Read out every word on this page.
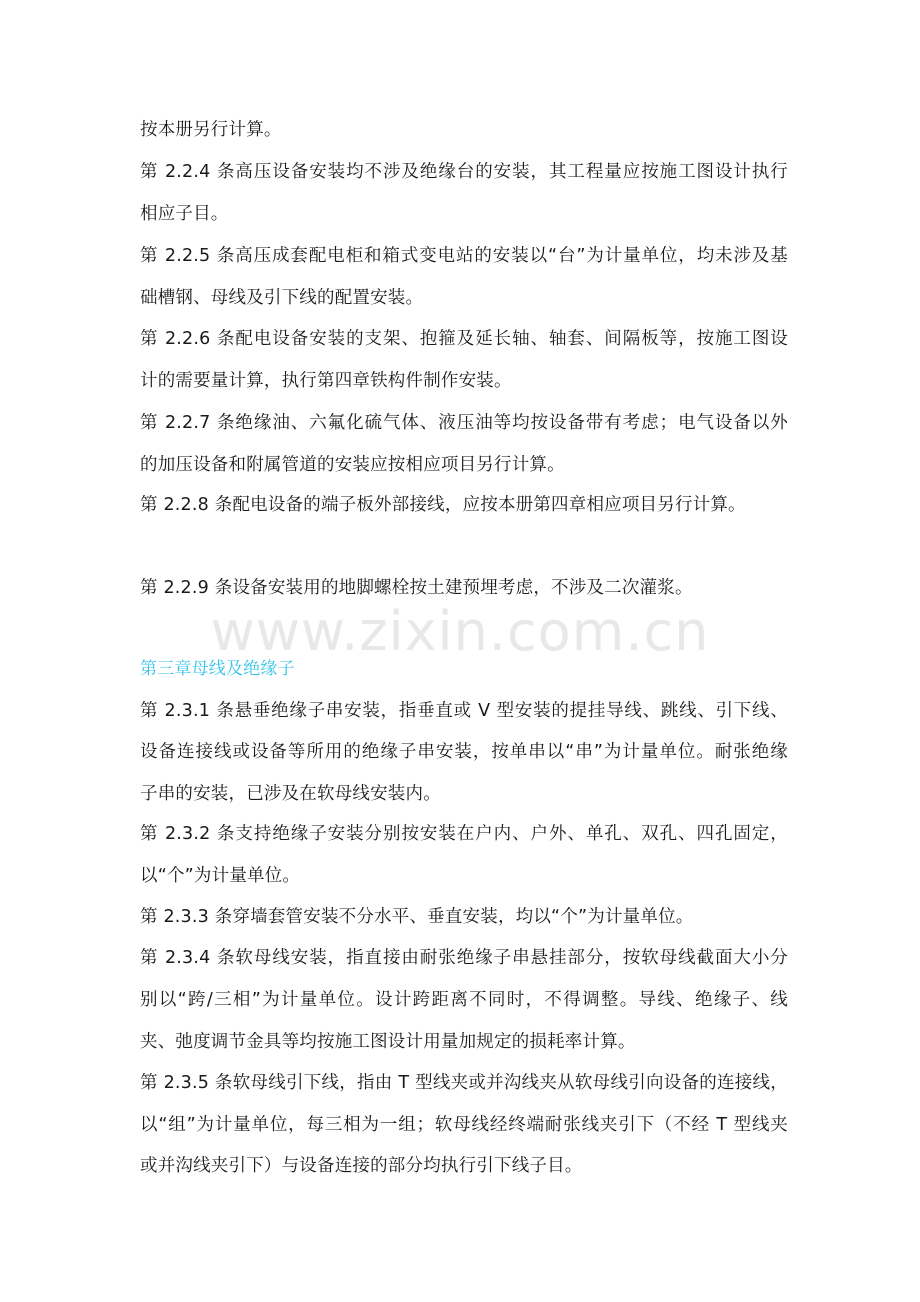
www.zixin.com.cn
按本册另行计算。
第 2.2.4 条高压设备安装均不涉及绝缘台的安装，其工程量应按施工图设计执行
相应子目。
第 2.2.5 条高压成套配电柜和箱式变电站的安装以“台”为计量单位，均未涉及基
础槽钢、母线及引下线的配置安装。
第 2.2.6 条配电设备安装的支架、抱箍及延长轴、轴套、间隔板等，按施工图设
计的需要量计算，执行第四章铁构件制作安装。
第 2.2.7 条绝缘油、六氟化硫气体、液压油等均按设备带有考虑；电气设备以外
的加压设备和附属管道的安装应按相应项目另行计算。
第 2.2.8 条配电设备的端子板外部接线，应按本册第四章相应项目另行计算。
第 2.2.9 条设备安装用的地脚螺栓按土建预埋考虑，不涉及二次灌浆。
第三章母线及绝缘子
第 2.3.1 条悬垂绝缘子串安装，指垂直或 V 型安装的提挂导线、跳线、引下线、
设备连接线或设备等所用的绝缘子串安装，按单串以“串”为计量单位。耐张绝缘
子串的安装，已涉及在软母线安装内。
第 2.3.2 条支持绝缘子安装分别按安装在户内、户外、单孔、双孔、四孔固定，
以“个”为计量单位。
第 2.3.3 条穿墙套管安装不分水平、垂直安装，均以“个”为计量单位。
第 2.3.4 条软母线安装，指直接由耐张绝缘子串悬挂部分，按软母线截面大小分
别以“跨/三相”为计量单位。设计跨距离不同时，不得调整。导线、绝缘子、线
夹、弛度调节金具等均按施工图设计用量加规定的损耗率计算。
第 2.3.5 条软母线引下线，指由 T 型线夹或并沟线夹从软母线引向设备的连接线，
以“组”为计量单位，每三相为一组；软母线经终端耐张线夹引下（不经 T 型线夹
或并沟线夹引下）与设备连接的部分均执行引下线子目。
